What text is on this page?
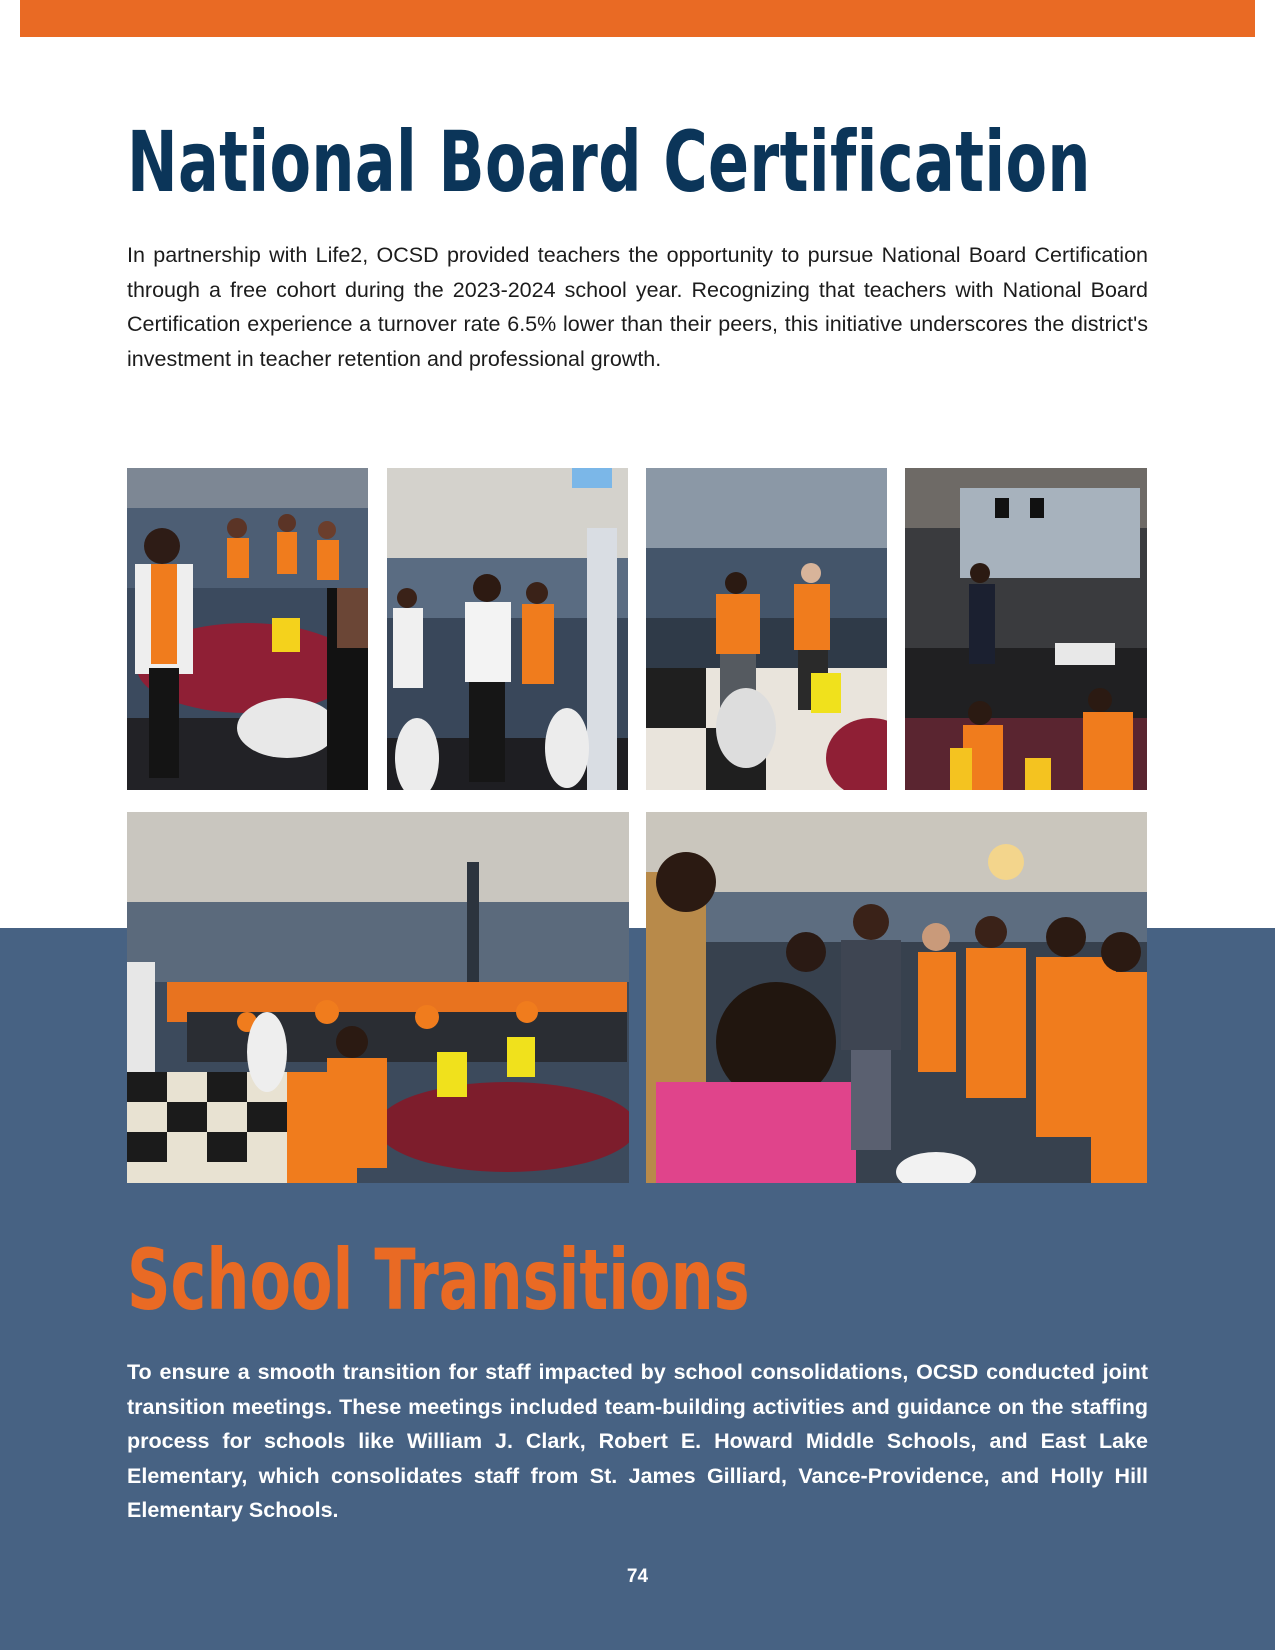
National Board Certification

In partnership with Life2, OCSD provided teachers the opportunity to pursue National Board Certification through a free cohort during the 2023-2024 school year. Recognizing that teachers with National Board Certification experience a turnover rate 6.5% lower than their peers, this initiative underscores the district's investment in teacher retention and professional growth.

School Transitions

To ensure a smooth transition for staff impacted by school consolidations, OCSD conducted joint transition meetings. These meetings included team-building activities and guidance on the staffing process for schools like William J. Clark, Robert E. Howard Middle Schools, and East Lake Elementary, which consolidates staff from St. James Gilliard, Vance-Providence, and Holly Hill Elementary Schools.

74
